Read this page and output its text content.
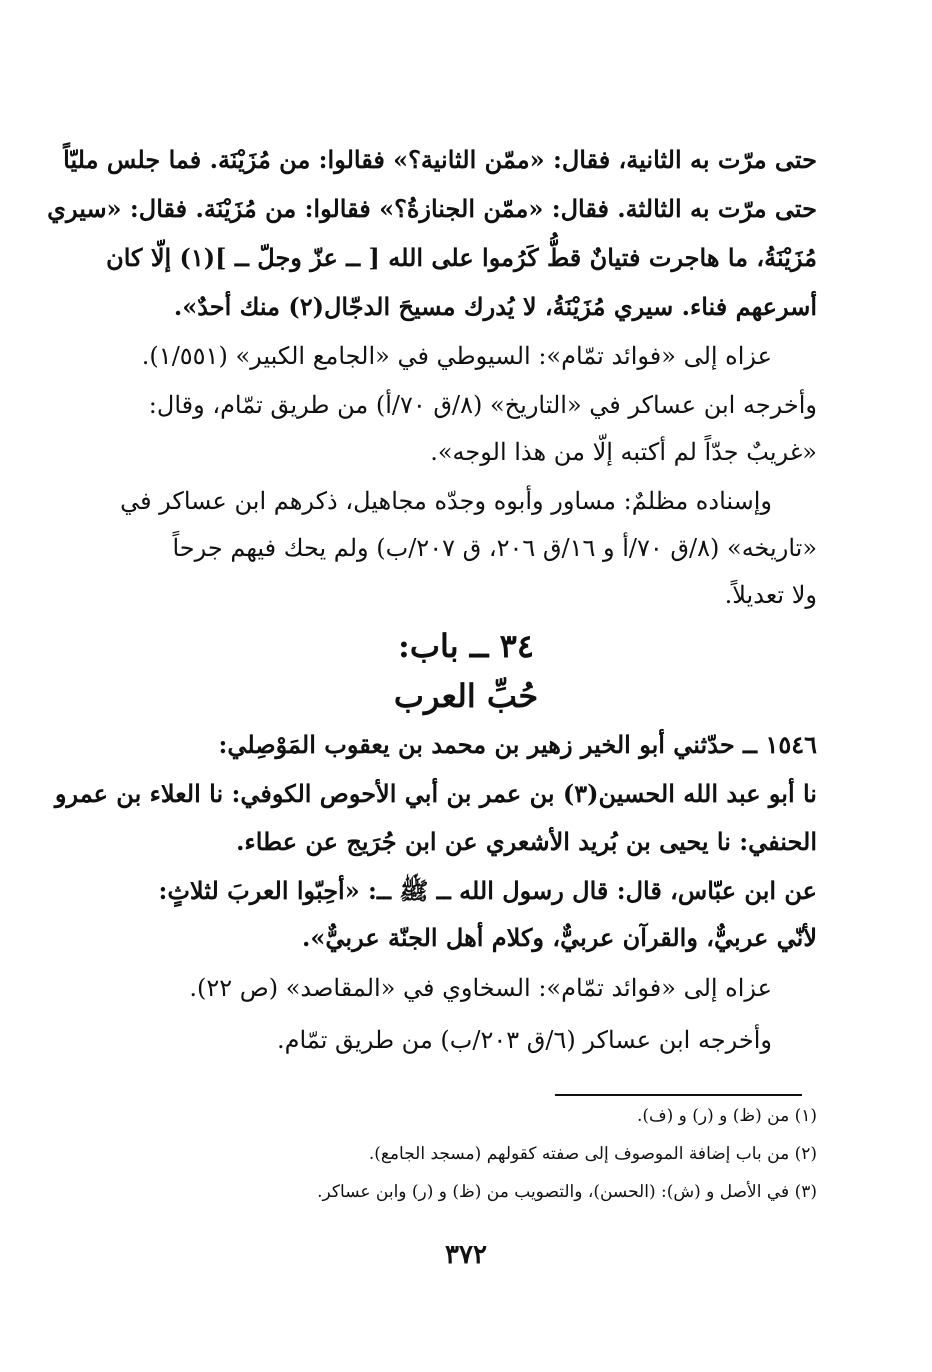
حتى مرّت به الثانية، فقال: «ممّن الثانية؟» فقالوا: من مُزَيْنَة. فما جلس مليّاً
حتى مرّت به الثالثة. فقال: «ممّن الجنازةُ؟» فقالوا: من مُزَيْنَة. فقال: «سيري
مُزَيْنَةُ، ما هاجرت فتيانٌ قطُّ كَرُموا على الله [ ــ عزّ وجلّ ــ ](١) إلّا كان
أسرعهم فناء. سيري مُزَيْنَةُ، لا يُدرك مسيحَ الدجّال(٢) منك أحدٌ».
عزاه إلى «فوائد تمّام»: السيوطي في «الجامع الكبير» (١/٥٥١).
وأخرجه ابن عساكر في «التاريخ» (٨/ق ٧٠/أ) من طريق تمّام، وقال:
«غريبٌ جدّاً لم أكتبه إلّا من هذا الوجه».
وإسناده مظلمٌ: مساور وأبوه وجدّه مجاهيل، ذكرهم ابن عساكر في
«تاريخه» (٨/ق ٧٠/أ و ١٦/ق ٢٠٦، ق ٢٠٧/ب) ولم يحك فيهم جرحاً
ولا تعديلاً.
٣٤ ــ باب:
حُبِّ العرب
١٥٤٦ ــ حدّثني أبو الخير زهير بن محمد بن يعقوب المَوْصِلي:
نا أبو عبد الله الحسين(٣) بن عمر بن أبي الأحوص الكوفي: نا العلاء بن عمرو
الحنفي: نا يحيى بن بُريد الأشعري عن ابن جُرَيج عن عطاء.
عن ابن عبّاس، قال: قال رسول الله ــ ﷺ ــ: «أحِبّوا العربَ لثلاثٍ:
لأنّي عربيٌّ، والقرآن عربيٌّ، وكلام أهل الجنّة عربيٌّ».
عزاه إلى «فوائد تمّام»: السخاوي في «المقاصد» (ص ٢٢).
وأخرجه ابن عساكر (٦/ق ٢٠٣/ب) من طريق تمّام.
(١) من (ظ) و (ر) و (ف).
(٢) من باب إضافة الموصوف إلى صفته كقولهم (مسجد الجامع).
(٣) في الأصل و (ش): (الحسن)، والتصويب من (ظ) و (ر) وابن عساكر.
٣٧٢
